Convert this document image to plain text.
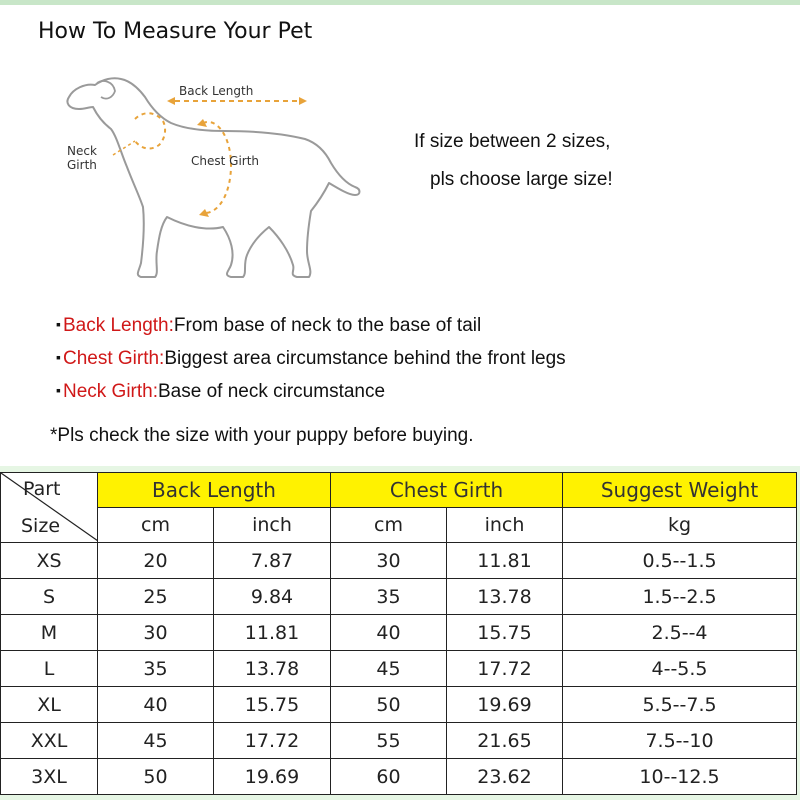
How To Measure Your Pet
Back Length
Neck
Girth	Chest Girth
If size between 2 sizes,
pls choose large size!
▪ Back Length:From base of neck to the base of tail
▪ Chest Girth:Biggest area circumstance behind the front legs
▪ Neck Girth:Base of neck circumstance
*Pls check the size with your puppy before buying.
Part
Size	Back Length		Chest Girth		Suggest Weight
	cm	inch	cm	inch	kg
XS	20	7.87	30	11.81	0.5--1.5
S	25	9.84	35	13.78	1.5--2.5
M	30	11.81	40	15.75	2.5--4
L	35	13.78	45	17.72	4--5.5
XL	40	15.75	50	19.69	5.5--7.5
XXL	45	17.72	55	21.65	7.5--10
3XL	50	19.69	60	23.62	10--12.5
